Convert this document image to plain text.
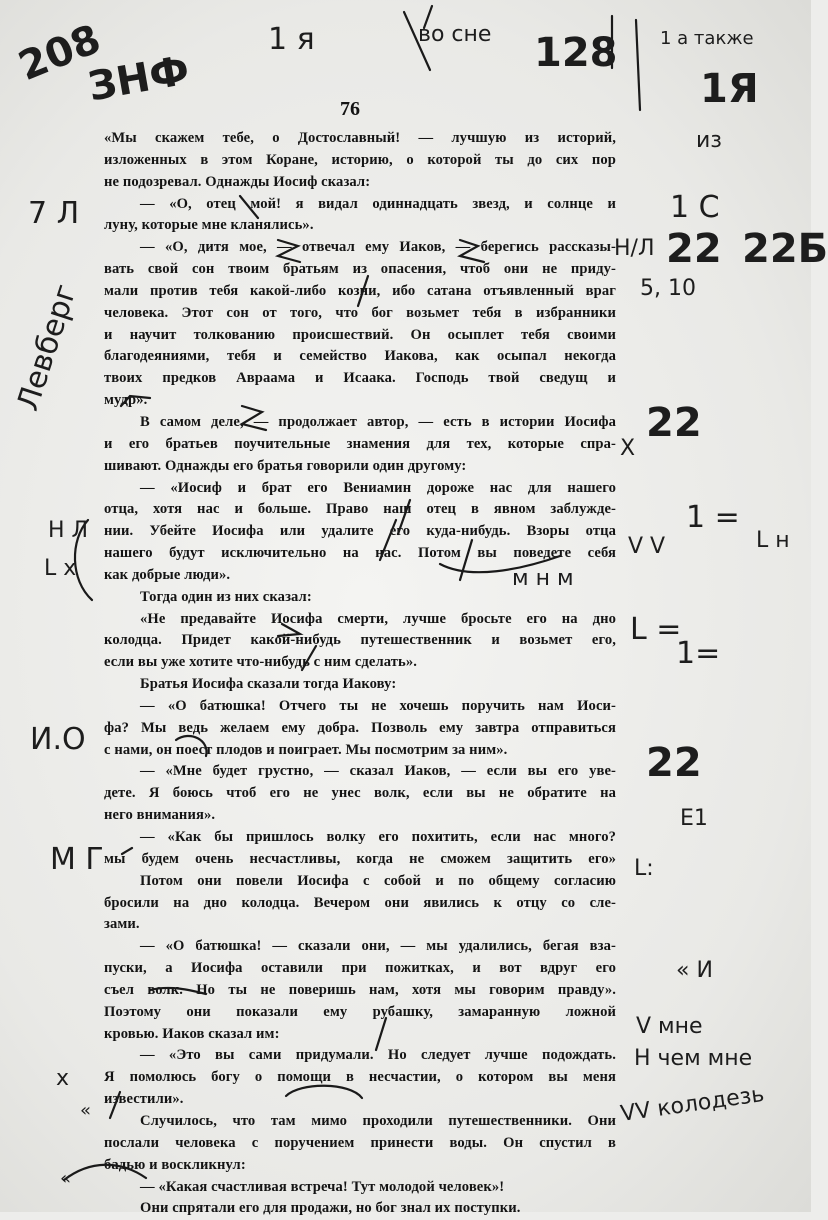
76
«Мы скажем тебе, о Достославный! — лучшую из историй,
изложенных в этом Коране, историю, о которой ты до сих пор
не подозревал. Однажды Иосиф сказал:
— «О, отец мой! я видал одиннадцать звезд, и солнце и
луну, которые мне кланялись».
— «О, дитя мое, — отвечал ему Иаков, — берегись рассказы-
вать свой сон твоим братьям из опасения, чтоб они не приду-
мали против тебя какой-либо козни, ибо сатана отъявленный враг
человека. Этот сон от того, что бог возьмет тебя в избранники
и научит толкованию происшествий. Он осыплет тебя своими
благодеяниями, тебя и семейство Иакова, как осыпал некогда
твоих предков Авраама и Исаака. Господь твой сведущ и
мудр».
В самом деле, — продолжает автор, — есть в истории Иосифа
и его братьев поучительные знамения для тех, которые спра-
шивают. Однажды его братья говорили один другому:
— «Иосиф и брат его Вениамин дороже нас для нашего
отца, хотя нас и больше. Право наш отец в явном заблужде-
нии. Убейте Иосифа или удалите его куда-нибудь. Взоры отца
нашего будут исключительно на нас. Потом вы поведете себя
как добрые люди».
Тогда один из них сказал:
«Не предавайте Иосифа смерти, лучше бросьте его на дно
колодца. Придет какой-нибудь путешественник и возьмет его,
если вы уже хотите что-нибудь с ним сделать».
Братья Иосифа сказали тогда Иакову:
— «О батюшка! Отчего ты не хочешь поручить нам Иоси-
фа? Мы ведь желаем ему добра. Позволь ему завтра отправиться
с нами, он поест плодов и поиграет. Мы посмотрим за ним».
— «Мне будет грустно, — сказал Иаков, — если вы его уве-
дете. Я боюсь чтоб его не унес волк, если вы не обратите на
него внимания».
— «Как бы пришлось волку его похитить, если нас много?
мы будем очень несчастливы, когда не сможем защитить его»
Потом они повели Иосифа с собой и по общему согласию
бросили на дно колодца. Вечером они явились к отцу со сле-
зами.
— «О батюшка! — сказали они, — мы удалились, бегая вза-
пуски, а Иосифа оставили при пожитках, и вот вдруг его
съел волк. Но ты не поверишь нам, хотя мы говорим правду».
Поэтому они показали ему рубашку, замаранную ложной
кровью. Иаков сказал им:
— «Это вы сами придумали. Но следует лучше подождать.
Я помолюсь богу о помощи в несчастии, о котором вы меня
известили».
Случилось, что там мимо проходили путешественники. Они
послали человека с поручением принести воды. Он спустил в
бадью и воскликнул:
— «Какая счастливая встреча! Тут молодой человек»!
Они спрятали его для продажи, но бог знал их поступки.
208
ЗНФ
1 я	во сне 128 1 а также
1Я
из
7 Л	1 С
22 22Б
Н/Л
5, 10
Левберг
22
Х
Н Л
L х
1 =
L н
V V
м н м
L =
1=
И.О
22
Е1
М Г	L:
« И
V мне
Н чем мне
VV колодезь
х
«
«
